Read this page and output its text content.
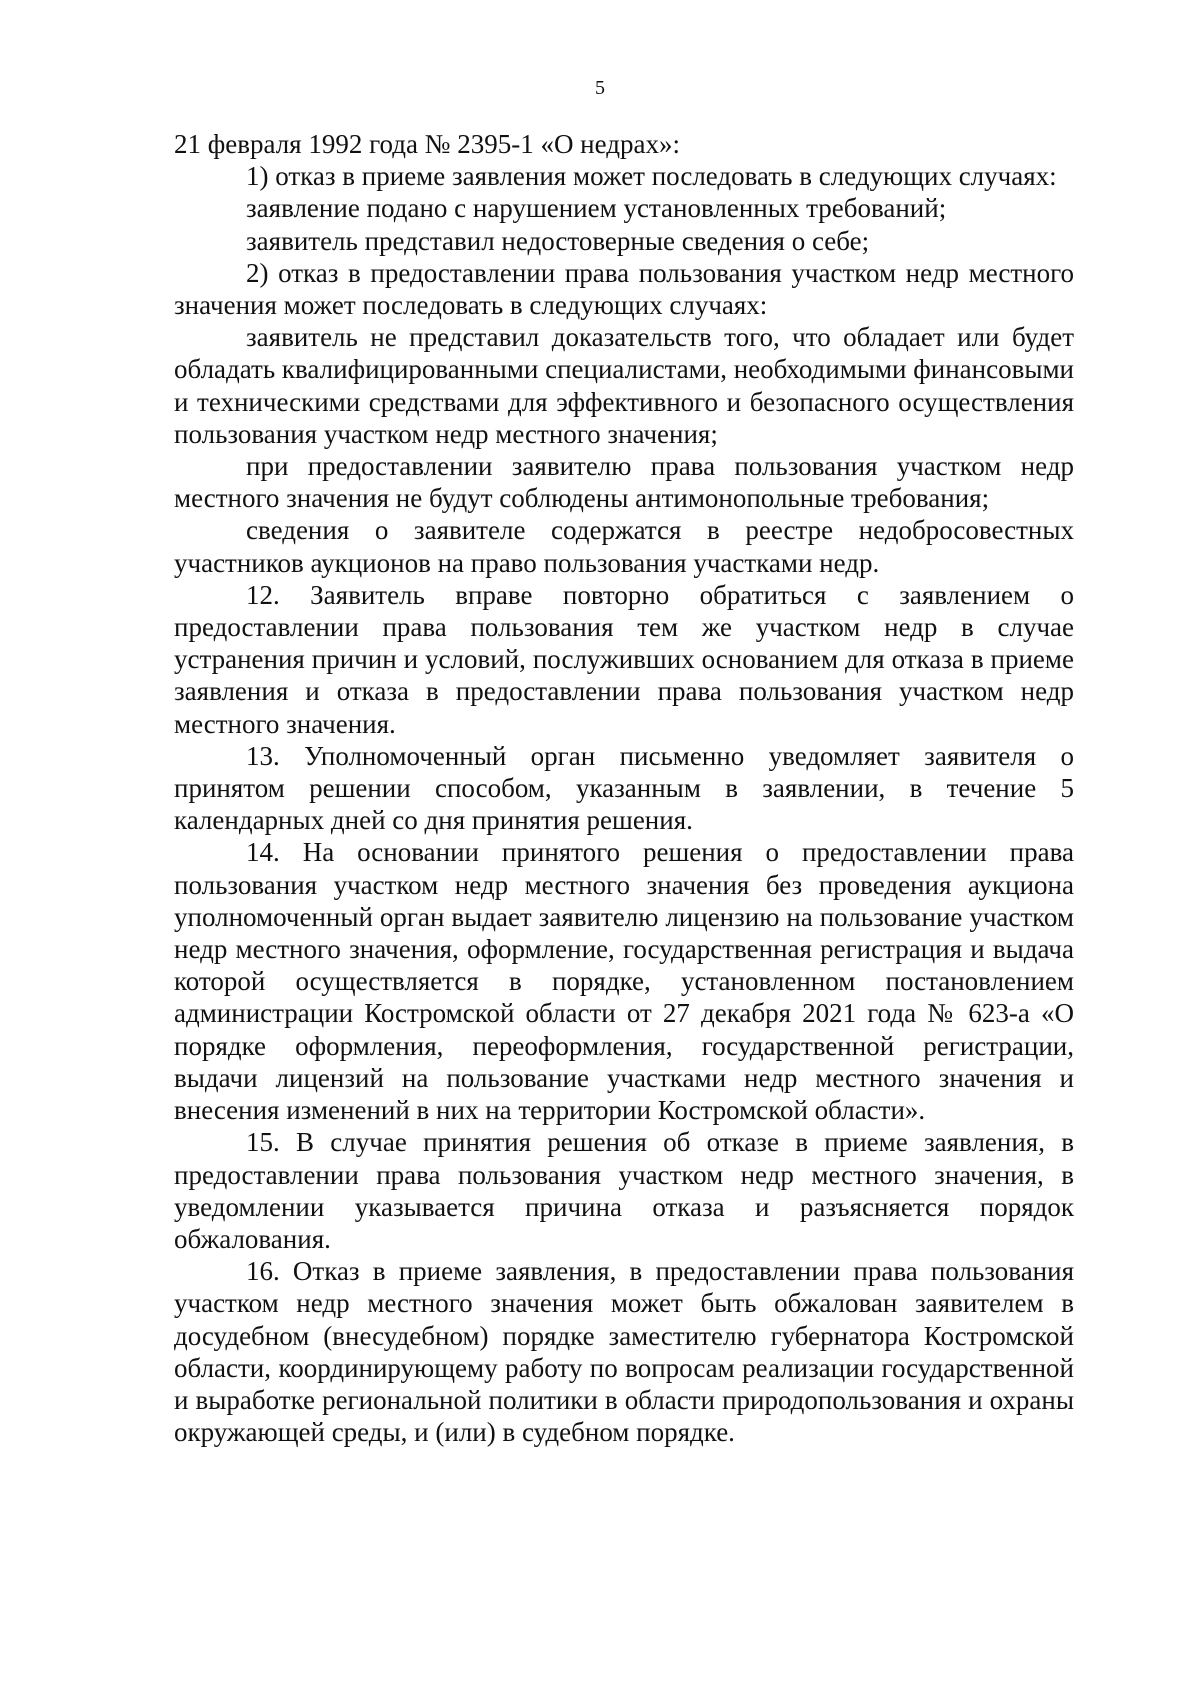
5

21 февраля 1992 года № 2395-1 «О недрах»:

1) отказ в приеме заявления может последовать в следующих случаях:

заявление подано с нарушением установленных требований;

заявитель представил недостоверные сведения о себе;

2) отказ в предоставлении права пользования участком недр местного значения может последовать в следующих случаях:

заявитель не представил доказательств того, что обладает или будет обладать квалифицированными специалистами, необходимыми финансовыми и техническими средствами для эффективного и безопасного осуществления пользования участком недр местного значения;

при предоставлении заявителю права пользования участком недр местного значения не будут соблюдены антимонопольные требования;

сведения о заявителе содержатся в реестре недобросовестных участников аукционов на право пользования участками недр.

12. Заявитель вправе повторно обратиться с заявлением о предоставлении права пользования тем же участком недр в случае устранения причин и условий, послуживших основанием для отказа в приеме заявления и отказа в предоставлении права пользования участком недр местного значения.

13. Уполномоченный орган письменно уведомляет заявителя о принятом решении способом, указанным в заявлении, в течение 5 календарных дней со дня принятия решения.

14. На основании принятого решения о предоставлении права пользования участком недр местного значения без проведения аукциона уполномоченный орган выдает заявителю лицензию на пользование участком недр местного значения, оформление, государственная регистрация и выдача которой осуществляется в порядке, установленном постановлением администрации Костромской области от 27 декабря 2021 года № 623-а «О порядке оформления, переоформления, государственной регистрации, выдачи лицензий на пользование участками недр местного значения и внесения изменений в них на территории Костромской области».

15. В случае принятия решения об отказе в приеме заявления, в предоставлении права пользования участком недр местного значения, в уведомлении указывается причина отказа и разъясняется порядок обжалования.

16. Отказ в приеме заявления, в предоставлении права пользования участком недр местного значения может быть обжалован заявителем в досудебном (внесудебном) порядке заместителю губернатора Костромской области, координирующему работу по вопросам реализации государственной и выработке региональной политики в области природопользования и охраны окружающей среды, и (или) в судебном порядке.
